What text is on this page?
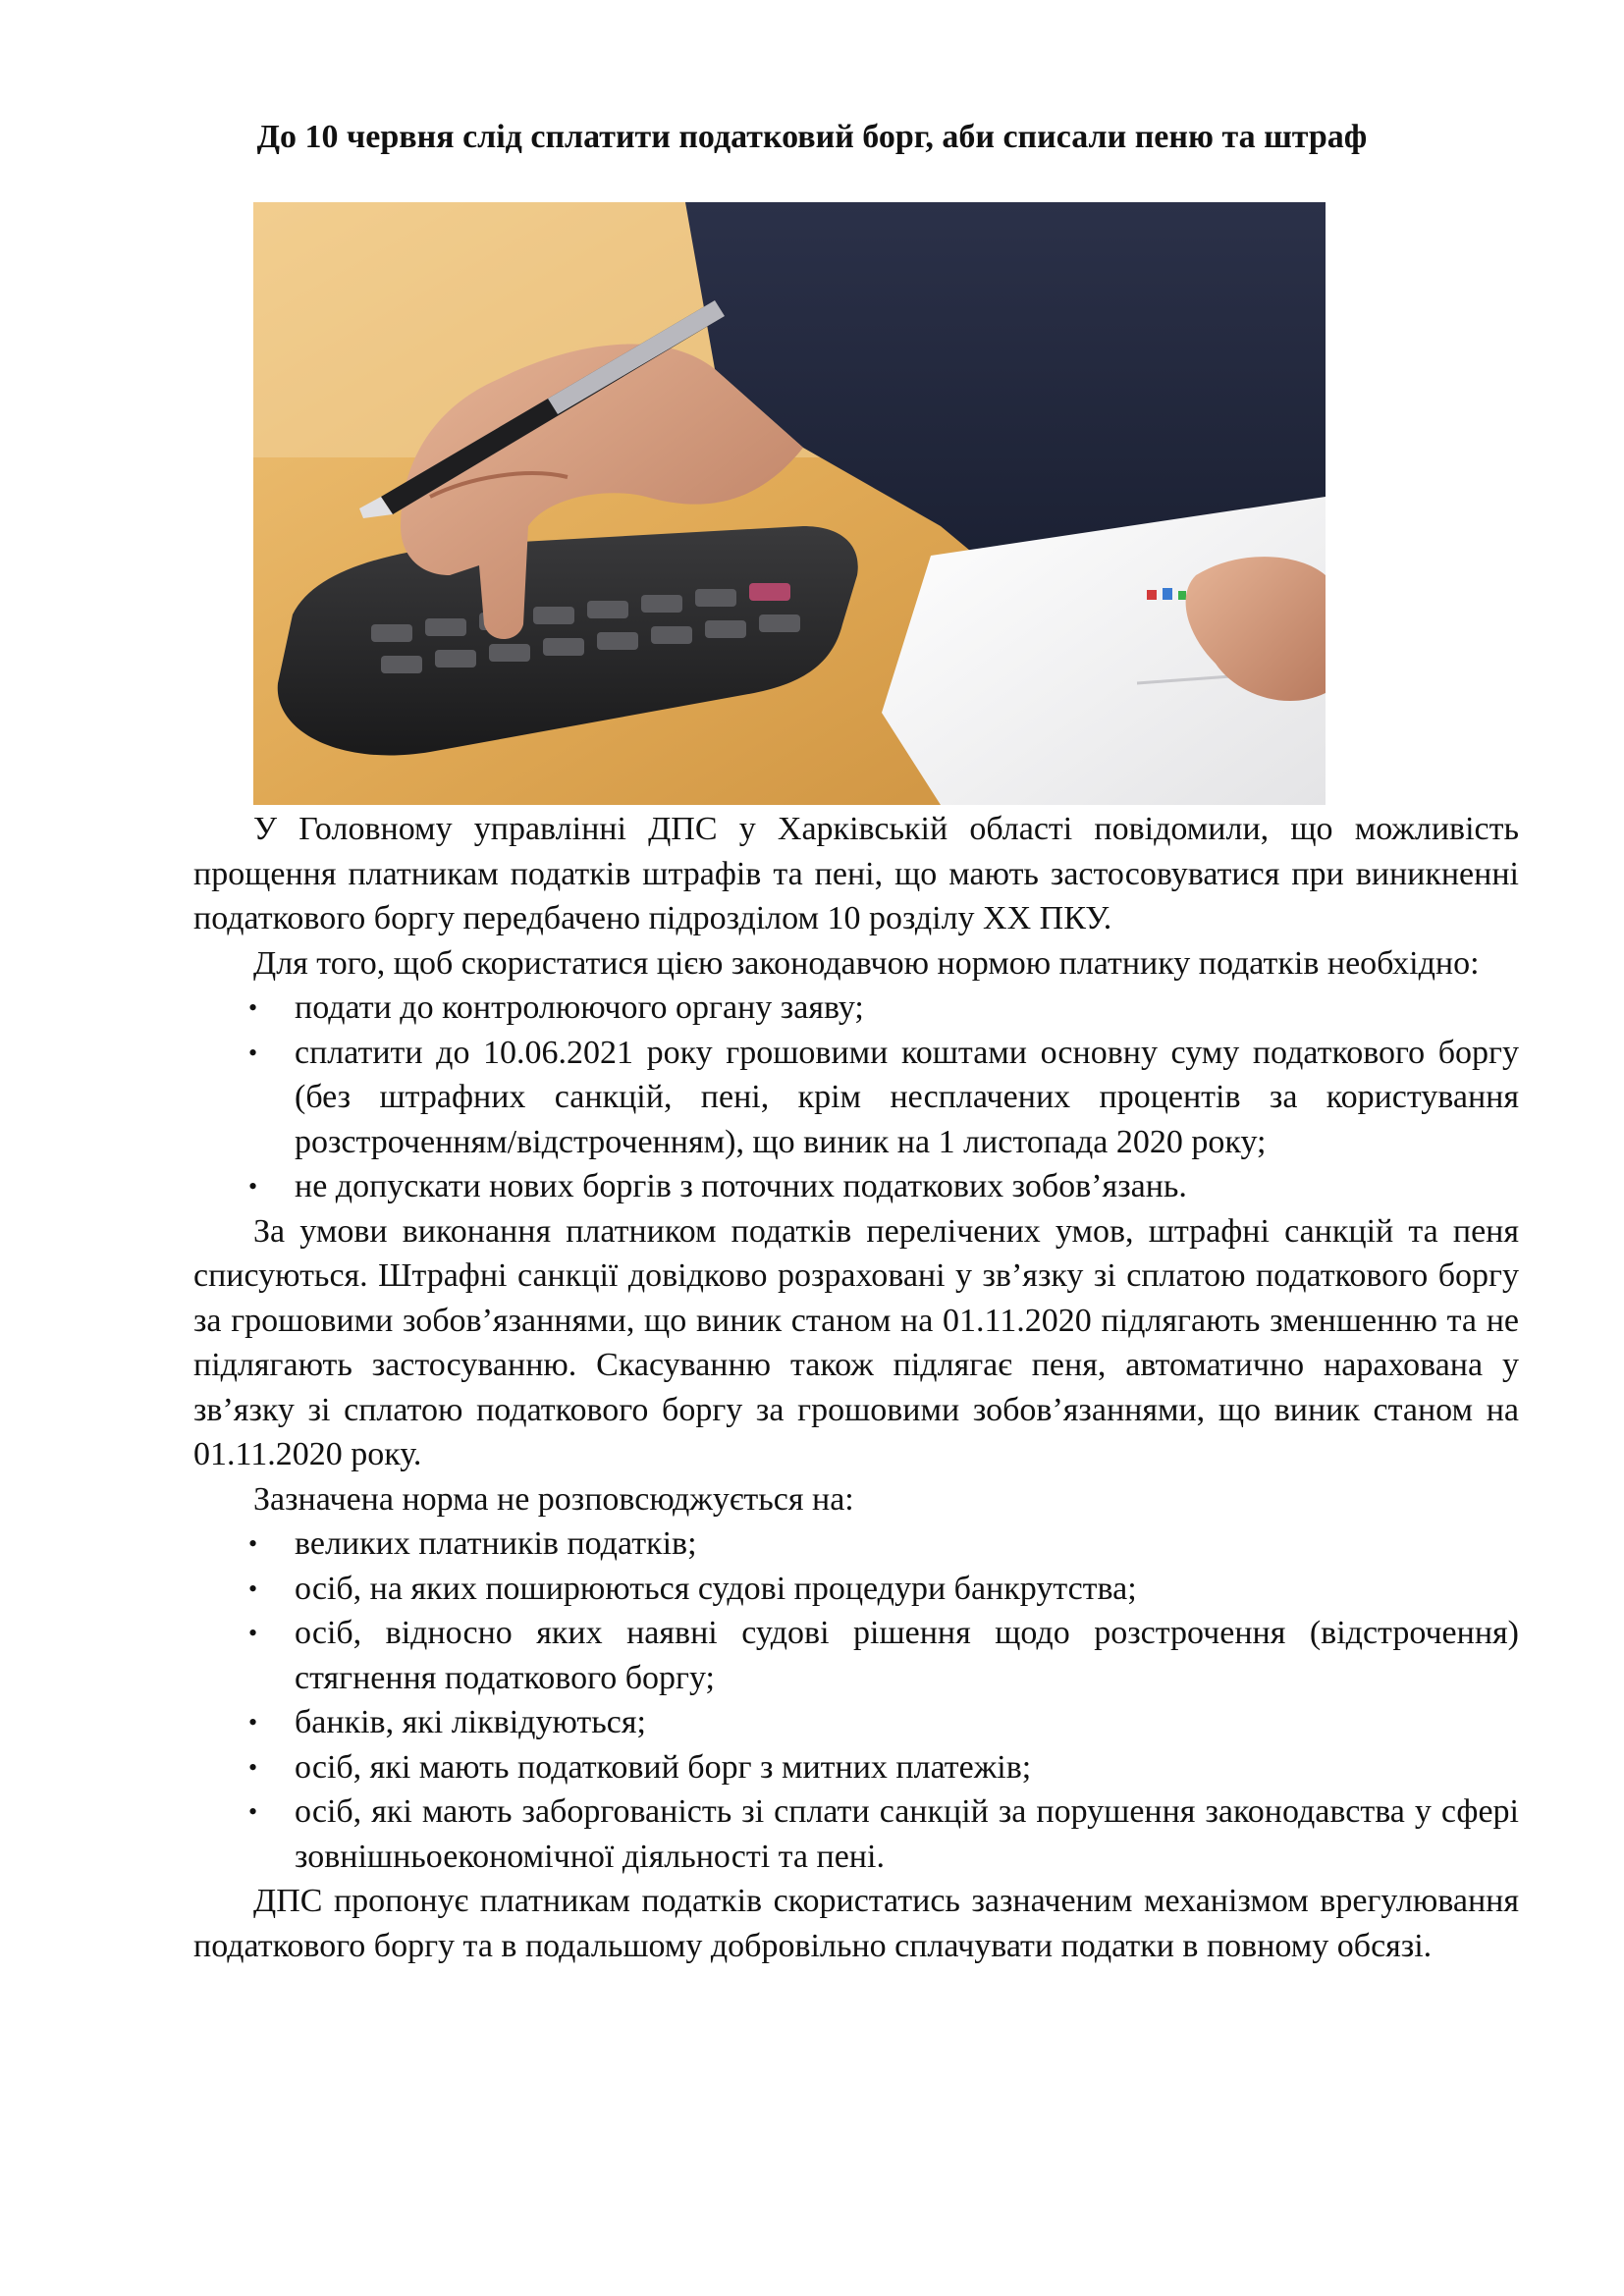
До 10 червня слід сплатити податковий борг, аби списали пеню та штраф

У Головному управлінні ДПС у Харківській області повідомили, що можливість прощення платникам податків штрафів та пені, що мають застосовуватися при виникненні податкового боргу передбачено підрозділом 10 розділу ХХ ПКУ.

Для того, щоб скористатися цією законодавчою нормою платнику податків необхідно:

•	подати до контролюючого органу заяву;
•	сплатити до 10.06.2021 року грошовими коштами основну суму податкового боргу (без штрафних санкцій, пені, крім несплачених процентів за користування розстроченням/відстроченням), що виник на 1 листопада 2020 року;
•	не допускати нових боргів з поточних податкових зобов’язань.

За умови виконання платником податків перелічених умов, штрафні санкцій та пеня списуються. Штрафні санкції довідково розраховані у зв’язку зі сплатою податкового боргу за грошовими зобов’язаннями, що виник станом на 01.11.2020 підлягають зменшенню та не підлягають застосуванню. Скасуванню також підлягає пеня, автоматично нарахована у зв’язку зі сплатою податкового боргу за грошовими зобов’язаннями, що виник станом на 01.11.2020 року.

Зазначена норма не розповсюджується на:

•	великих платників податків;
•	осіб, на яких поширюються судові процедури банкрутства;
•	осіб, відносно яких наявні судові рішення щодо розстрочення (відстрочення) стягнення податкового боргу;
•	банків, які ліквідуються;
•	осіб, які мають податковий борг з митних платежів;
•	осіб, які мають заборгованість зі сплати санкцій за порушення законодавства у сфері зовнішньоекономічної діяльності та пені.

ДПС пропонує платникам податків скористатись зазначеним механізмом врегулювання податкового боргу та в подальшому добровільно сплачувати податки в повному обсязі.
